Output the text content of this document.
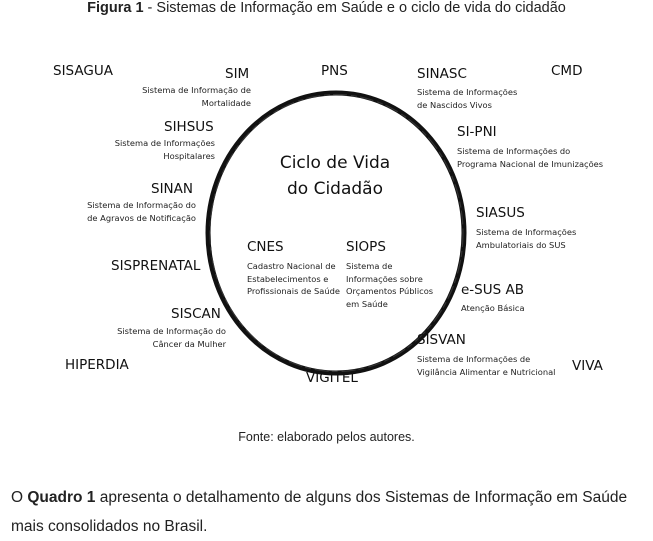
Figura 1 - Sistemas de Informação em Saúde e o ciclo de vida do cidadão
Ciclo de Vida
do Cidadão
SISAGUA	SIM
Sistema de Informação de
Mortalidade
PNS	SINASC
Sistema de Informações
de Nascidos Vivos
CMD
SIHSUS
Sistema de Informações
Hospitalares
SINAN
Sistema de Informação do
de Agravos de Notificação
SISPRENATAL
SISCAN
Sistema de Informação do
Câncer da Mulher
HIPERDIA
SI-PNI
Sistema de Informações do
Programa Nacional de Imunizações
SIASUS
Sistema de Informações
Ambulatoriais do SUS
e-SUS AB
Atenção Básica
SISVAN
Sistema de Informações de
Vigilância Alimentar e Nutricional VIVA
VIGITEL
CNES
Cadastro Nacional de
Estabelecimentos e
Profissionais de Saúde
SIOPS
Sistema de
Informações sobre
Orçamentos Públicos
em Saúde
Fonte: elaborado pelos autores.
O Quadro 1 apresenta o detalhamento de alguns dos Sistemas de Informação em Saúde
mais consolidados no Brasil.
